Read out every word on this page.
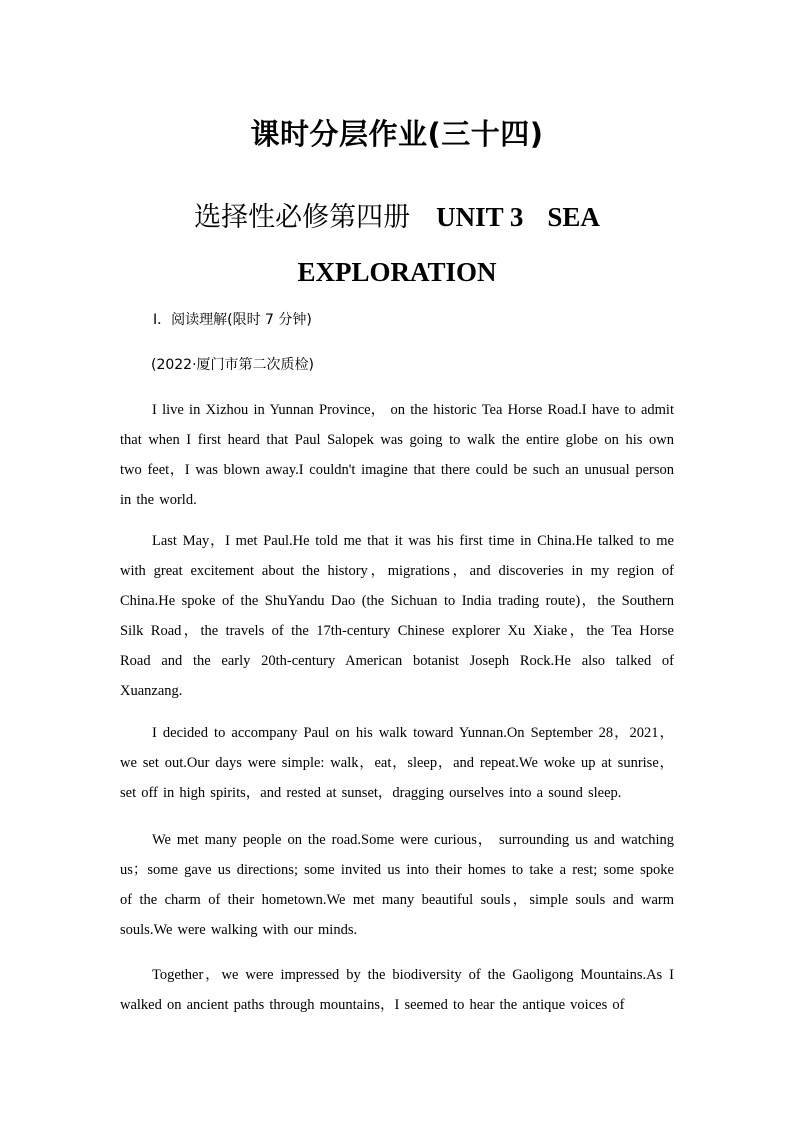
课时分层作业(三十四)
选择性必修第四册 UNIT 3 SEA
EXPLORATION

Ⅰ．阅读理解(限时 7 分钟)

(2022·厦门市第二次质检)

I live in Xizhou in Yunnan Province， on the historic Tea Horse Road.I have to admit that when I first heard that Paul Salopek was going to walk the entire globe on his own two feet，I was blown away.I couldn't imagine that there could be such an unusual person in the world.

Last May，I met Paul.He told me that it was his first time in China.He talked to me with great excitement about the history，migrations，and discoveries in my region of China.He spoke of the ShuYandu Dao (the Sichuan to India trading route)，the Southern Silk Road，the travels of the 17th-century Chinese explorer Xu Xiake，the Tea Horse Road and the early 20th-century American botanist Joseph Rock.He also talked of Xuanzang.

I decided to accompany Paul on his walk toward Yunnan.On September 28，2021，we set out.Our days were simple: walk，eat，sleep，and repeat.We woke up at sunrise，set off in high spirits，and rested at sunset，dragging ourselves into a sound sleep.

We met many people on the road.Some were curious， surrounding us and watching us；some gave us directions; some invited us into their homes to take a rest; some spoke of the charm of their hometown.We met many beautiful souls，simple souls and warm souls.We were walking with our minds.

Together，we were impressed by the biodiversity of the Gaoligong Mountains.As I walked on ancient paths through mountains，I seemed to hear the antique voices of
